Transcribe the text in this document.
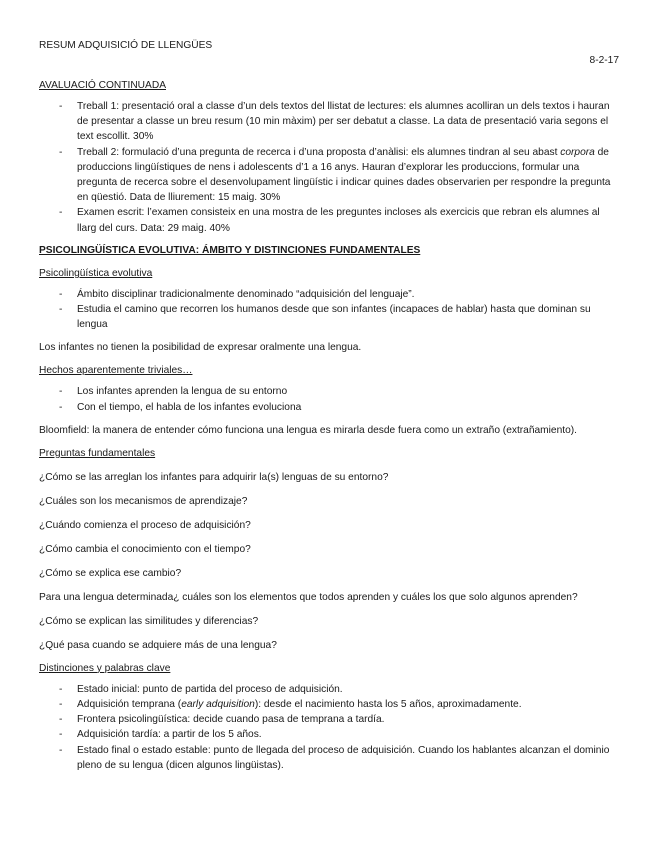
RESUM ADQUISICIÓ DE LLENGÜES
8-2-17
AVALUACIÓ CONTINUADA
- Treball 1: presentació oral a classe d’un dels textos del llistat de lectures: els alumnes acolliran un dels textos i hauran de presentar a classe un breu resum (10 min màxim) per ser debatut a classe. La data de presentació varia segons el text escollit. 30%
- Treball 2: formulació d’una pregunta de recerca i d’una proposta d’anàlisi: els alumnes tindran al seu abast corpora de produccions lingüístiques de nens i adolescents d’1 a 16 anys. Hauran d’explorar les produccions, formular una pregunta de recerca sobre el desenvolupament lingüístic i indicar quines dades observarien per respondre la pregunta en qüestió. Data de lliurement: 15 maig. 30%
- Examen escrit: l’examen consisteix en una mostra de les preguntes incloses als exercicis que rebran els alumnes al llarg del curs. Data: 29 maig. 40%
PSICOLINGÜÍSTICA EVOLUTIVA: ÁMBITO Y DISTINCIONES FUNDAMENTALES
Psicolingüística evolutiva
- Ámbito disciplinar tradicionalmente denominado “adquisición del lenguaje”.
- Estudia el camino que recorren los humanos desde que son infantes (incapaces de hablar) hasta que dominan su lengua

Los infantes no tienen la posibilidad de expresar oralmente una lengua.

Hechos aparentemente triviales…
- Los infantes aprenden la lengua de su entorno
- Con el tiempo, el habla de los infantes evoluciona

Bloomfield: la manera de entender cómo funciona una lengua es mirarla desde fuera como un extraño (extrañamiento).

Preguntas fundamentales

¿Cómo se las arreglan los infantes para adquirir la(s) lenguas de su entorno?

¿Cuáles son los mecanismos de aprendizaje?

¿Cuándo comienza el proceso de adquisición?

¿Cómo cambia el conocimiento con el tiempo?

¿Cómo se explica ese cambio?

Para una lengua determinada¿ cuáles son los elementos que todos aprenden y cuáles los que solo algunos aprenden?

¿Cómo se explican las similitudes y diferencias?

¿Qué pasa cuando se adquiere más de una lengua?

Distinciones y palabras clave
- Estado inicial: punto de partida del proceso de adquisición.
- Adquisición temprana (early adquisition): desde el nacimiento hasta los 5 años, aproximadamente.
- Frontera psicolingüística: decide cuando pasa de temprana a tardía.
- Adquisición tardía: a partir de los 5 años.
- Estado final o estado estable: punto de llegada del proceso de adquisición. Cuando los hablantes alcanzan el dominio pleno de su lengua (dicen algunos lingüistas).
